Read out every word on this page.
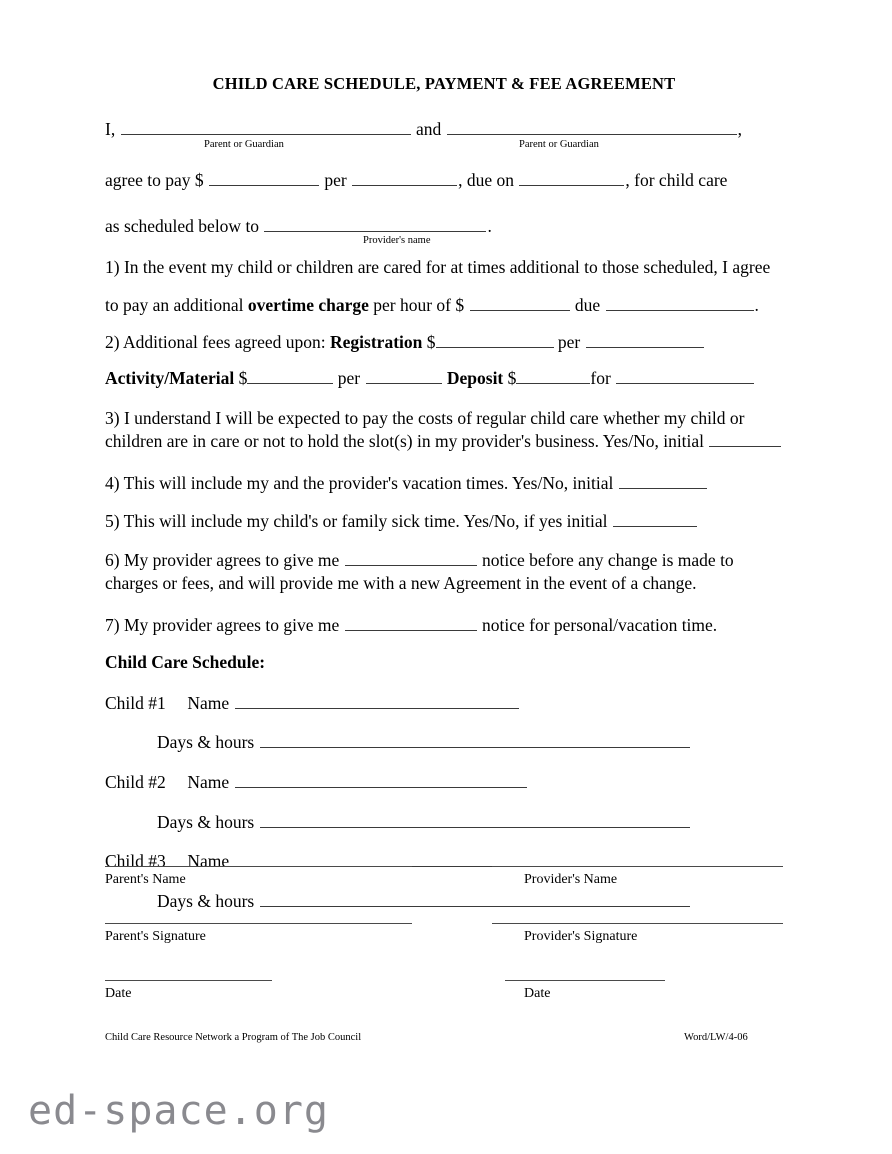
CHILD CARE SCHEDULE, PAYMENT & FEE AGREEMENT
I,	and	,
Parent or Guardian	Parent or Guardian
agree to pay $	per	, due on	, for child care
as scheduled below to	.
Provider's name
1) In the event my child or children are cared for at times additional to those scheduled, I agree
to pay an additional overtime charge per hour of $	due	.
2) Additional fees agreed upon: Registration $	per
Activity/Material $	per	Deposit $	for
3) I understand I will be expected to pay the costs of regular child care whether my child or
children are in care or not to hold the slot(s) in my provider's business. Yes/No, initial
4) This will include my and the provider's vacation times. Yes/No, initial
5) This will include my child's or family sick time. Yes/No, if yes initial
6) My provider agrees to give me	notice before any change is made to
charges or fees, and will provide me with a new Agreement in the event of a change.
7) My provider agrees to give me	notice for personal/vacation time.
Child Care Schedule:
Child #1 Name
Days & hours
Child #2 Name
Days & hours
Child #3 Name
Days & hours
Parent's Name	Provider's Name
Parent's Signature	Provider's Signature
Date	Date
Child Care Resource Network a Program of The Job Council	Word/LW/4-06
ed-space.org
